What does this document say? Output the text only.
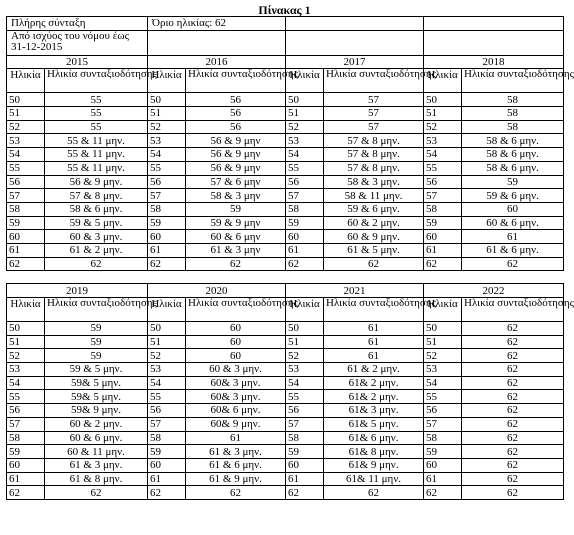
Πίνακας 1
Πλήρης σύνταξη		Όριο ηλικίας: 62					
Από ισχύος του νόμου έως 31-12-2015							
2015		2016		2017		2018	
Ηλικία	Ηλικία συνταξιοδότησης	Ηλικία	Ηλικία συνταξιοδότησης	Ηλικία	Ηλικία συνταξιοδότησης	Ηλικία	Ηλικία συνταξιοδότησης
50	55	50	56	50	57	50	58
51	55	51	56	51	57	51	58
52	55	52	56	52	57	52	58
53	55 & 11 μην.	53	56 & 9 μην	53	57 & 8 μην.	53	58 & 6 μην.
54	55 & 11 μην.	54	56 & 9 μην	54	57 & 8 μην.	54	58 & 6 μην.
55	55 & 11 μην.	55	56 & 9 μην	55	57 & 8 μην.	55	58 & 6 μην.
56	56 & 9 μην.	56	57 & 6 μην	56	58 & 3 μην.	56	59
57	57 & 8 μην.	57	58 & 3 μην	57	58 & 11 μην.	57	59 & 6 μην.
58	58 & 6 μην.	58	59	58	59 & 6 μην.	58	60
59	59 & 5 μην.	59	59 & 9 μην	59	60 & 2 μην.	59	60 & 6 μην.
60	60 & 3 μην.	60	60 & 6 μην	60	60 & 9 μην.	60	61
61	61 & 2 μην.	61	61 & 3 μην	61	61 & 5 μην.	61	61 & 6 μην.
62	62	62	62	62	62	62	62

2019		2020		2021		2022	
Ηλικία	Ηλικία συνταξιοδότησης	Ηλικία	Ηλικία συνταξιοδότησης	Ηλικία	Ηλικία συνταξιοδότησης	Ηλικία	Ηλικία συνταξιοδότησης
50	59	50	60	50	61	50	62
51	59	51	60	51	61	51	62
52	59	52	60	52	61	52	62
53	59 & 5 μην.	53	60 & 3 μην.	53	61 & 2 μην.	53	62
54	59& 5 μην.	54	60& 3 μην.	54	61& 2 μην.	54	62
55	59& 5 μην.	55	60& 3 μην.	55	61& 2 μην.	55	62
56	59& 9 μην.	56	60& 6 μην.	56	61& 3 μην.	56	62
57	60 & 2 μην.	57	60& 9 μην.	57	61& 5 μην.	57	62
58	60 & 6 μην.	58	61	58	61& 6 μην.	58	62
59	60 & 11 μην.	59	61 & 3 μην.	59	61& 8 μην.	59	62
60	61 & 3 μην.	60	61 & 6 μην.	60	61& 9 μην.	60	62
61	61 & 8 μην.	61	61 & 9 μην.	61	61& 11 μην.	61	62
62	62	62	62	62	62	62	62
